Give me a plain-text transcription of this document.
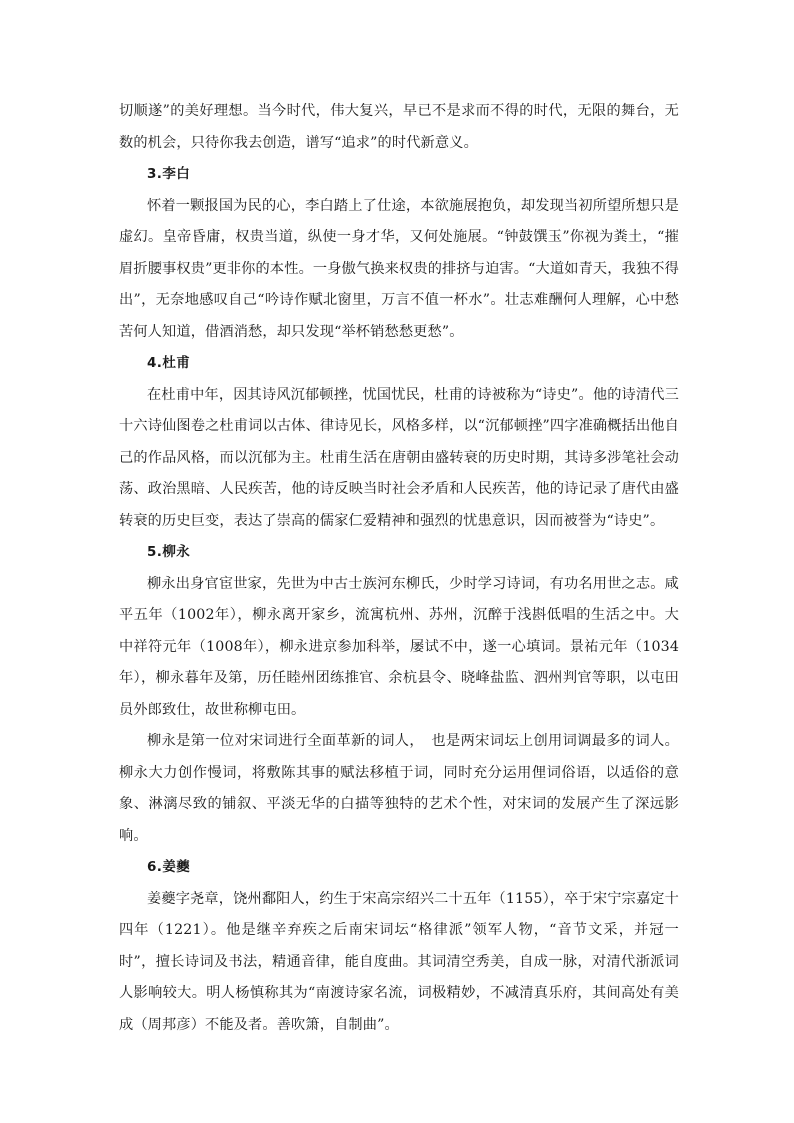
切顺遂”的美好理想。当今时代，伟大复兴，早已不是求而不得的时代，无限的舞台，无数的机会，只待你我去创造，谱写“追求”的时代新意义。

3.李白

怀着一颗报国为民的心，李白踏上了仕途，本欲施展抱负，却发现当初所望所想只是虚幻。皇帝昏庸，权贵当道，纵使一身才华，又何处施展。“钟鼓馔玉”你视为粪土，“摧眉折腰事权贵”更非你的本性。一身傲气换来权贵的排挤与迫害。“大道如青天，我独不得出”，无奈地感叹自己“吟诗作赋北窗里，万言不值一杯水”。壮志难酬何人理解，心中愁苦何人知道，借酒消愁，却只发现“举杯销愁愁更愁”。

4.杜甫

在杜甫中年，因其诗风沉郁顿挫，忧国忧民，杜甫的诗被称为“诗史”。他的诗清代三十六诗仙图卷之杜甫词以古体、律诗见长，风格多样，以“沉郁顿挫”四字准确概括出他自己的作品风格，而以沉郁为主。杜甫生活在唐朝由盛转衰的历史时期，其诗多涉笔社会动荡、政治黑暗、人民疾苦，他的诗反映当时社会矛盾和人民疾苦，他的诗记录了唐代由盛转衰的历史巨变，表达了崇高的儒家仁爱精神和强烈的忧患意识，因而被誉为“诗史”。

5.柳永

柳永出身官宦世家，先世为中古士族河东柳氏，少时学习诗词，有功名用世之志。咸平五年（1002年），柳永离开家乡，流寓杭州、苏州，沉醉于浅斟低唱的生活之中。大中祥符元年（1008年），柳永进京参加科举，屡试不中，遂一心填词。景祐元年（1034年），柳永暮年及第，历任睦州团练推官、余杭县令、晓峰盐监、泗州判官等职，以屯田员外郎致仕，故世称柳屯田。

柳永是第一位对宋词进行全面革新的词人，　也是两宋词坛上创用词调最多的词人。柳永大力创作慢词，将敷陈其事的赋法移植于词，同时充分运用俚词俗语，以适俗的意象、淋漓尽致的铺叙、平淡无华的白描等独特的艺术个性，对宋词的发展产生了深远影响。

6.姜夔

姜夔字尧章，饶州鄱阳人，约生于宋高宗绍兴二十五年（1155），卒于宋宁宗嘉定十四年（1221）。他是继辛弃疾之后南宋词坛“格律派”领军人物，“音节文采，并冠一时”，擅长诗词及书法，精通音律，能自度曲。其词清空秀美，自成一脉，对清代浙派词人影响较大。明人杨慎称其为“南渡诗家名流，词极精妙，不减清真乐府，其间高处有美成（周邦彦）不能及者。善吹箫，自制曲”。
